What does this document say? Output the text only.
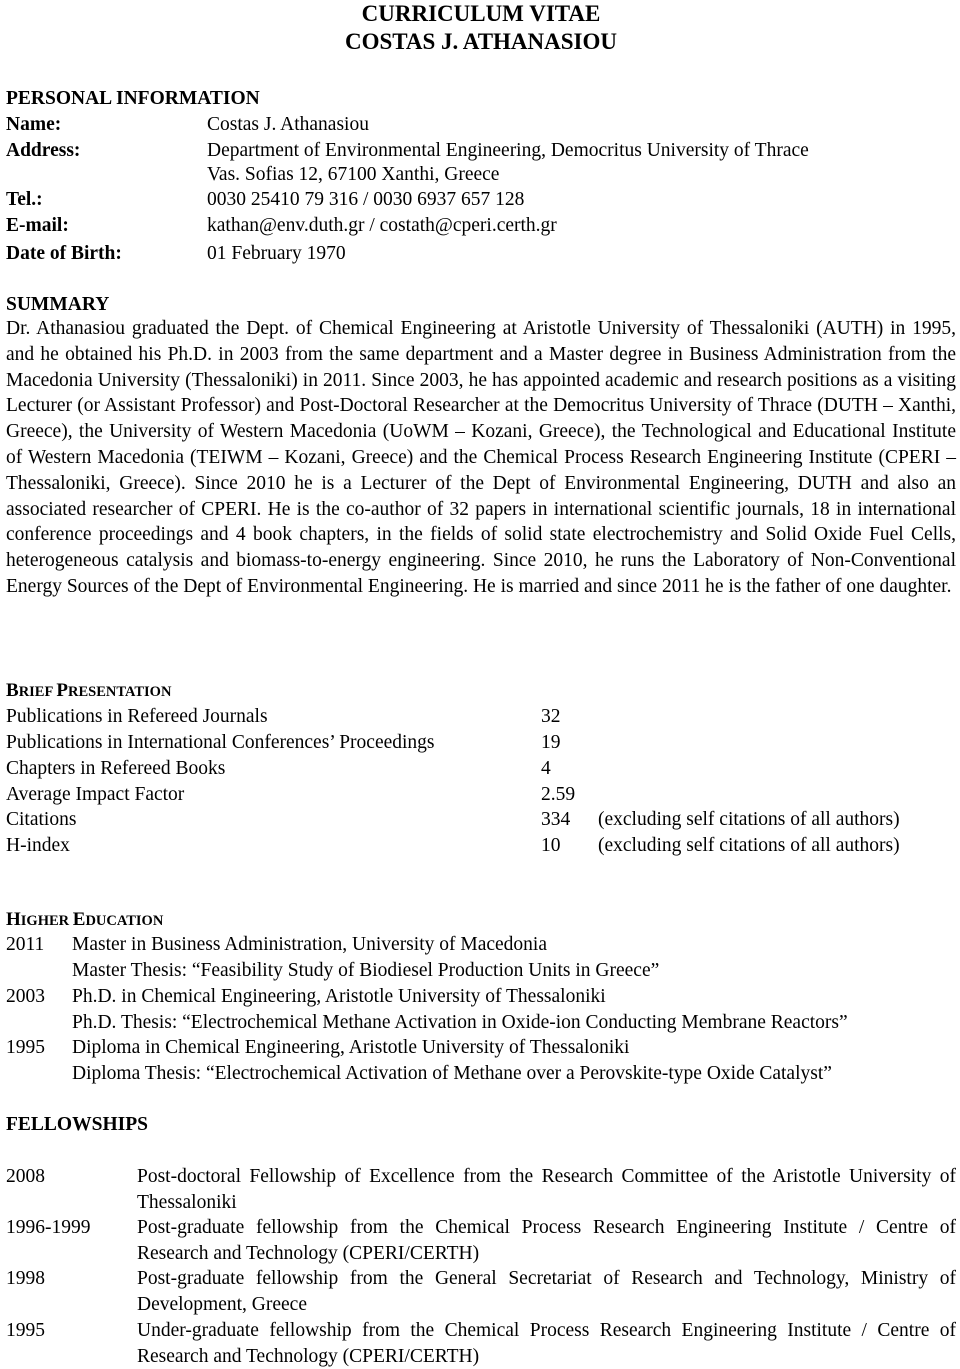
CURRICULUM VITAE
COSTAS J. ATHANASIOU
PERSONAL INFORMATION
Name:	Costas J. Athanasiou
Address:	Department of Environmental Engineering, Democritus University of Thrace
Vas. Sofias 12, 67100 Xanthi, Greece
Tel.:	0030 25410 79 316 / 0030 6937 657 128
E-mail:	kathan@env.duth.gr / costath@cperi.certh.gr
Date of Birth:	01 February 1970
SUMMARY
Dr. Athanasiou graduated the Dept. of Chemical Engineering at Aristotle University of Thessaloniki (AUTH) in 1995, and he obtained his Ph.D. in 2003 from the same department and a Master degree in Business Administration from the Macedonia University (Thessaloniki) in 2011. Since 2003, he has appointed academic and research positions as a visiting Lecturer (or Assistant Professor) and Post-Doctoral Researcher at the Democritus University of Thrace (DUTH – Xanthi, Greece), the University of Western Macedonia (UoWM – Kozani, Greece), the Technological and Educational Institute of Western Macedonia (TEIWM – Kozani, Greece) and the Chemical Process Research Engineering Institute (CPERI – Thessaloniki, Greece). Since 2010 he is a Lecturer of the Dept of Environmental Engineering, DUTH and also an associated researcher of CPERI. He is the co-author of 32 papers in international scientific journals, 18 in international conference proceedings and 4 book chapters, in the fields of solid state electrochemistry and Solid Oxide Fuel Cells, heterogeneous catalysis and biomass-to-energy engineering. Since 2010, he runs the Laboratory of Non-Conventional Energy Sources of the Dept of Environmental Engineering. He is married and since 2011 he is the father of one daughter.
BRIEF PRESENTATION
Publications in Refereed Journals	32
Publications in International Conferences’ Proceedings	19
Chapters in Refereed Books	4
Average Impact Factor	2.59
Citations	334 (excluding self citations of all authors)
H-index	10 (excluding self citations of all authors)
HIGHER EDUCATION
2011 Master in Business Administration, University of Macedonia
Master Thesis: “Feasibility Study of Biodiesel Production Units in Greece”
2003 Ph.D. in Chemical Engineering, Aristotle University of Thessaloniki
Ph.D. Thesis: “Electrochemical Methane Activation in Oxide-ion Conducting Membrane Reactors”
1995 Diploma in Chemical Engineering, Aristotle University of Thessaloniki
Diploma Thesis: “Electrochemical Activation of Methane over a Perovskite-type Oxide Catalyst”
FELLOWSHIPS
2008	Post-doctoral Fellowship of Excellence from the Research Committee of the Aristotle University of Thessaloniki
1996-1999 Post-graduate fellowship from the Chemical Process Research Engineering Institute / Centre of Research and Technology (CPERI/CERTH)
1998	Post-graduate fellowship from the General Secretariat of Research and Technology, Ministry of Development, Greece
1995	Under-graduate fellowship from the Chemical Process Research Engineering Institute / Centre of Research and Technology (CPERI/CERTH)
